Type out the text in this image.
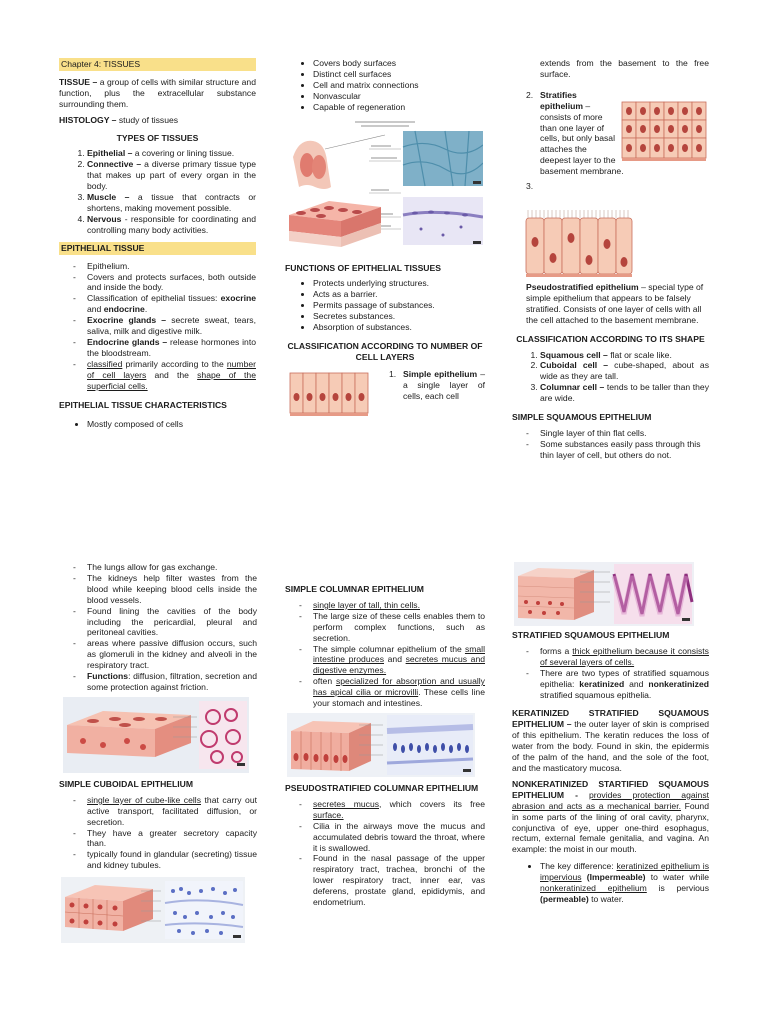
Chapter 4: TISSUES

TISSUE – a group of cells with similar structure and function, plus the extracellular substance surrounding them.

HISTOLOGY – study of tissues

TYPES OF TISSUES
1. Epithelial – a covering or lining tissue.
2. Connective – a diverse primary tissue type that makes up part of every organ in the body.
3. Muscle – a tissue that contracts or shortens, making movement possible.
4. Nervous - responsible for coordinating and controlling many body activities.
EPITHELIAL TISSUE
- Epithelium.
- Covers and protects surfaces, both outside and inside the body.
- Classification of epithelial tissues: exocrine and endocrine.
- Exocrine glands – secrete sweat, tears, saliva, milk and digestive milk.
- Endocrine glands – release hormones into the bloodstream.
- classified primarily according to the number of cell layers and the shape of the superficial cells.
EPITHELIAL TISSUE CHARACTERISTICS
• Mostly composed of cells
• Covers body surfaces
• Distinct cell surfaces
• Cell and matrix connections
• Nonvascular
• Capable of regeneration
FUNCTIONS OF EPITHELIAL TISSUES
• Protects underlying structures.
• Acts as a barrier.
• Permits passage of substances.
• Secretes substances.
• Absorption of substances.
CLASSIFICATION ACCORDING TO NUMBER OF CELL LAYERS
1. Simple epithelium – a single layer of cells, each cell

extends from the basement to the free surface.

2. Stratifies epithelium – consists of more than one layer of cells, but only basal attaches the deepest layer to the basement membrane.
3.
Pseudostratified epithelium – special type of simple epithelium that appears to be falsely stratified. Consists of one layer of cells with all the cell attached to the basement membrane.
CLASSIFICATION ACCORDING TO ITS SHAPE
1. Squamous cell – flat or scale like.
2. Cuboidal cell – cube-shaped, about as wide as they are tall.
3. Columnar cell – tends to be taller than they are wide.
SIMPLE SQUAMOUS EPITHELIUM
- Single layer of thin flat cells.
- Some substances easily pass through this thin layer of cell, but others do not.
- The lungs allow for gas exchange.
- The kidneys help filter wastes from the blood while keeping blood cells inside the blood vessels.
- Found lining the cavities of the body including the pericardial, pleural and peritoneal cavities.
- areas where passive diffusion occurs, such as glomeruli in the kidney and alveoli in the respiratory tract.
- Functions: diffusion, filtration, secretion and some protection against friction.
SIMPLE CUBOIDAL EPITHELIUM
- single layer of cube-like cells that carry out active transport, facilitated diffusion, or secretion.
- They have a greater secretory capacity than.
- typically found in glandular (secreting) tissue and kidney tubules.
SIMPLE COLUMNAR EPITHELIUM
- single layer of tall, thin cells.
- The large size of these cells enables them to perform complex functions, such as secretion.
- The simple columnar epithelium of the small intestine produces and secretes mucus and digestive enzymes.
- often specialized for absorption and usually has apical cilia or microvilli. These cells line your stomach and intestines.
PSEUDOSTRATIFIED COLUMNAR EPITHELIUM
- secretes mucus, which covers its free surface.
- Cilia in the airways move the mucus and accumulated debris toward the throat, where it is swallowed.
- Found in the nasal passage of the upper respiratory tract, trachea, bronchi of the lower respiratory tract, inner ear, vas deferens, prostate gland, epididymis, and endometrium.
STRATIFIED SQUAMOUS EPITHELIUM
- forms a thick epithelium because it consists of several layers of cells.
- There are two types of stratified squamous epithelia: keratinized and nonkeratinized stratified squamous epithelia.

KERATINIZED STRATIFIED SQUAMOUS EPITHELIUM – the outer layer of skin is comprised of this epithelium. The keratin reduces the loss of water from the body. Found in skin, the epidermis of the palm of the hand, and the sole of the foot, and the masticatory mucosa.

NONKERATINIZED STARTIFIED SQUAMOUS EPITHELIUM - provides protection against abrasion and acts as a mechanical barrier. Found in some parts of the lining of oral cavity, pharynx, conjunctiva of eye, upper one-third esophagus, rectum, external female genitalia, and vagina. An example: the moist in our mouth.

• The key difference: keratinized epithelium is impervious (Impermeable) to water while nonkeratinized epithelium is pervious (permeable) to water.
